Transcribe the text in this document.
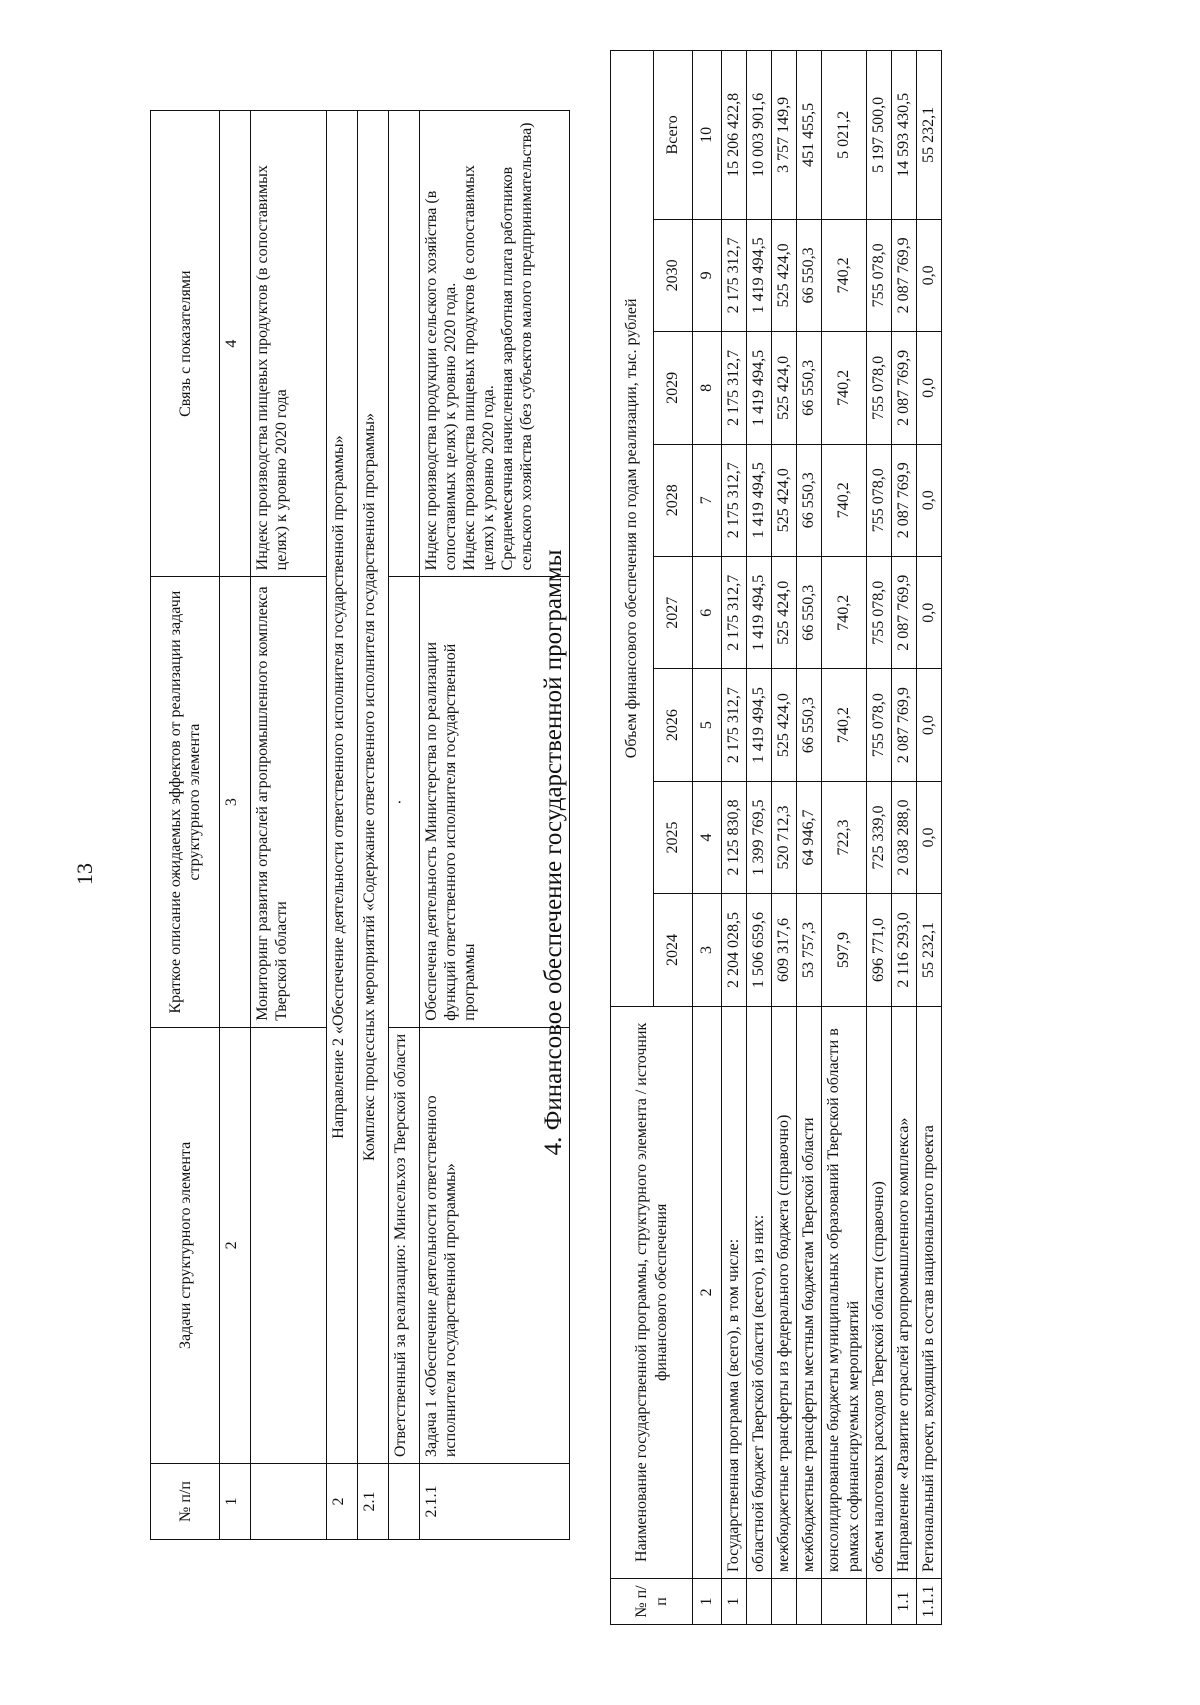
13
№ п/п	Задачи структурного элемента	Краткое описание ожидаемых эффектов от реализации задачи структурного элемента	Связь с показателями
1	2	3	4
		Мониторинг развития отраслей агропромышленного комплекса Тверской области	Индекс производства пищевых продуктов (в сопоставимых целях) к уровню 2020 года
2	Направление 2 «Обеспечение деятельности ответственного исполнителя государственной программы»		
2.1	Комплекс процессных мероприятий «Содержание ответственного исполнителя государственной программы»		
	Ответственный за реализацию: Минсельхоз Тверской области	·	
2.1.1	Задача 1 «Обеспечение деятельности ответственного исполнителя государственной программы»	Обеспечена деятельность Министерства по реализации функций ответственного исполнителя государственной программы	Индекс производства продукции сельского хозяйства (в сопоставимых целях) к уровню 2020 года. Индекс производства пищевых продуктов (в сопоставимых целях) к уровню 2020 года. Среднемесячная начисленная заработная плата работников сельского хозяйства (без субъектов малого предпринимательства)
4. Финансовое обеспечение государственной программы
№ п/п	Наименование государственной программы, структурного элемента / источник финансового обеспечения	Объем финансового обеспечения по годам реализации, тыс. рублей							
		2024	2025	2026	2027	2028	2029	2030	Всего
1	2	3	4	5	6	7	8	9	10
1	Государственная программа (всего), в том числе:	2 204 028,5	2 125 830,8	2 175 312,7	2 175 312,7	2 175 312,7	2 175 312,7	2 175 312,7	15 206 422,8
	областной бюджет Тверской области (всего), из них:	1 506 659,6	1 399 769,5	1 419 494,5	1 419 494,5	1 419 494,5	1 419 494,5	1 419 494,5	10 003 901,6
	межбюджетные трансферты из федерального бюджета (справочно)	609 317,6	520 712,3	525 424,0	525 424,0	525 424,0	525 424,0	525 424,0	3 757 149,9
	межбюджетные трансферты местным бюджетам Тверской области	53 757,3	64 946,7	66 550,3	66 550,3	66 550,3	66 550,3	66 550,3	451 455,5
	консолидированные бюджеты муниципальных образований Тверской области в рамках софинансируемых мероприятий	597,9	722,3	740,2	740,2	740,2	740,2	740,2	5 021,2
	объем налоговых расходов Тверской области (справочно)	696 771,0	725 339,0	755 078,0	755 078,0	755 078,0	755 078,0	755 078,0	5 197 500,0
1.1	Направление «Развитие отраслей агропромышленного комплекса»	2 116 293,0	2 038 288,0	2 087 769,9	2 087 769,9	2 087 769,9	2 087 769,9	2 087 769,9	14 593 430,5
1.1.1	Региональный проект, входящий в состав национального проекта	55 232,1	0,0	0,0	0,0	0,0	0,0	0,0	55 232,1
